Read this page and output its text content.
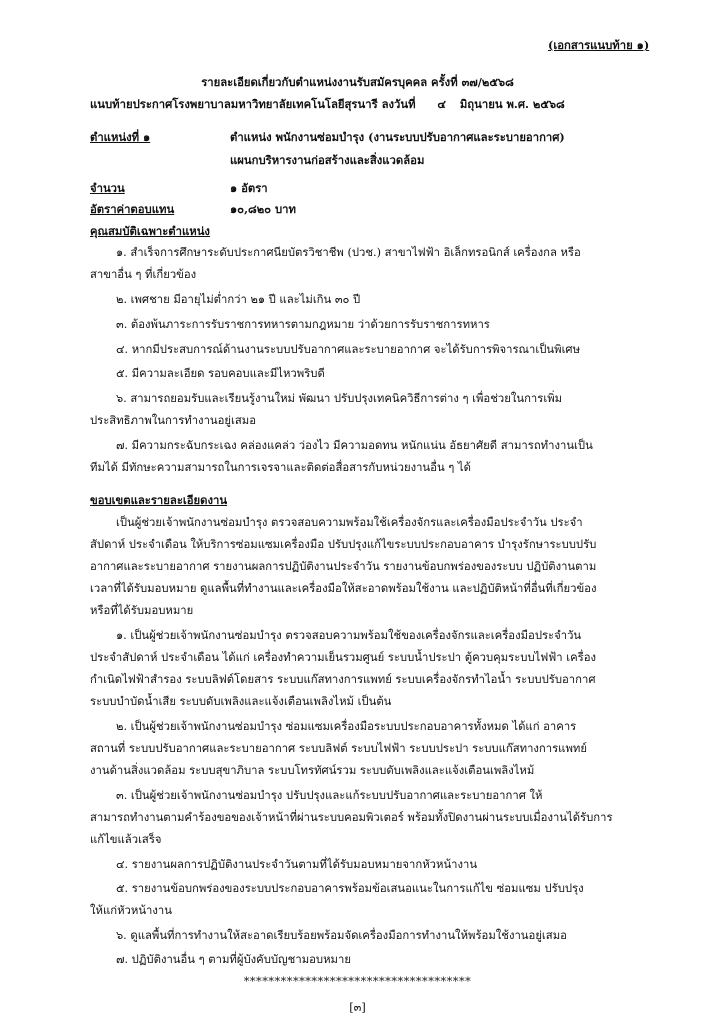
(เอกสารแนบท้าย ๑)
รายละเอียดเกี่ยวกับตำแหน่งงานรับสมัครบุคคล ครั้งที่ ๓๗/๒๕๖๘
แนบท้ายประกาศโรงพยาบาลมหาวิทยาลัยเทคโนโลยีสุรนารี ลงวันที่ ๔ มิถุนายน พ.ศ. ๒๕๖๘
ตำแหน่งที่ ๑	ตำแหน่ง พนักงานซ่อมบำรุง (งานระบบปรับอากาศและระบายอากาศ)
แผนกบริหารงานก่อสร้างและสิ่งแวดล้อม
จำนวน	๑ อัตรา
อัตราค่าตอบแทน	๑๐,๘๒๐ บาท
คุณสมบัติเฉพาะตำแหน่ง
๑. สำเร็จการศึกษาระดับประกาศนียบัตรวิชาชีพ (ปวช.) สาขาไฟฟ้า อิเล็กทรอนิกส์ เครื่องกล หรือ
สาขาอื่น ๆ ที่เกี่ยวข้อง
๒. เพศชาย มีอายุไม่ต่ำกว่า ๒๑ ปี และไม่เกิน ๓๐ ปี
๓. ต้องพ้นภาระการรับราชการทหารตามกฎหมาย ว่าด้วยการรับราชการทหาร
๔. หากมีประสบการณ์ด้านงานระบบปรับอากาศและระบายอากาศ จะได้รับการพิจารณาเป็นพิเศษ
๕. มีความละเอียด รอบคอบและมีไหวพริบดี
๖. สามารถยอมรับและเรียนรู้งานใหม่ พัฒนา ปรับปรุงเทคนิควิธีการต่าง ๆ เพื่อช่วยในการเพิ่ม
ประสิทธิภาพในการทำงานอยู่เสมอ
๗. มีความกระฉับกระเฉง คล่องแคล่ว ว่องไว มีความอดทน หนักแน่น อัธยาศัยดี สามารถทำงานเป็น
ทีมได้ มีทักษะความสามารถในการเจรจาและติดต่อสื่อสารกับหน่วยงานอื่น ๆ ได้
ขอบเขตและรายละเอียดงาน
เป็นผู้ช่วยเจ้าพนักงานซ่อมบำรุง ตรวจสอบความพร้อมใช้เครื่องจักรและเครื่องมือประจำวัน ประจำ
สัปดาห์ ประจำเดือน ให้บริการซ่อมแซมเครื่องมือ ปรับปรุงแก้ไขระบบประกอบอาคาร บำรุงรักษาระบบปรับ
อากาศและระบายอากาศ รายงานผลการปฏิบัติงานประจำวัน รายงานข้อบกพร่องของระบบ ปฏิบัติงานตาม
เวลาที่ได้รับมอบหมาย ดูแลพื้นที่ทำงานและเครื่องมือให้สะอาดพร้อมใช้งาน และปฏิบัติหน้าที่อื่นที่เกี่ยวข้อง
หรือที่ได้รับมอบหมาย
๑. เป็นผู้ช่วยเจ้าพนักงานซ่อมบำรุง ตรวจสอบความพร้อมใช้ของเครื่องจักรและเครื่องมือประจำวัน
ประจำสัปดาห์ ประจำเดือน ได้แก่ เครื่องทำความเย็นรวมศูนย์ ระบบน้ำประปา ตู้ควบคุมระบบไฟฟ้า เครื่อง
กำเนิดไฟฟ้าสำรอง ระบบลิฟต์โดยสาร ระบบแก๊สทางการแพทย์ ระบบเครื่องจักรทำไอน้ำ ระบบปรับอากาศ
ระบบบำบัดน้ำเสีย ระบบดับเพลิงและแจ้งเตือนเพลิงไหม้ เป็นต้น
๒. เป็นผู้ช่วยเจ้าพนักงานซ่อมบำรุง ซ่อมแซมเครื่องมือระบบประกอบอาคารทั้งหมด ได้แก่ อาคาร
สถานที่ ระบบปรับอากาศและระบายอากาศ ระบบลิฟต์ ระบบไฟฟ้า ระบบประปา ระบบแก๊สทางการแพทย์
งานด้านสิ่งแวดล้อม ระบบสุขาภิบาล ระบบโทรทัศน์รวม ระบบดับเพลิงและแจ้งเตือนเพลิงไหม้
๓. เป็นผู้ช่วยเจ้าพนักงานซ่อมบำรุง ปรับปรุงและแก้ระบบปรับอากาศและระบายอากาศ ให้
สามารถทำงานตามคำร้องขอของเจ้าหน้าที่ผ่านระบบคอมพิวเตอร์ พร้อมทั้งปิดงานผ่านระบบเมื่องานได้รับการ
แก้ไขแล้วเสร็จ
๔. รายงานผลการปฏิบัติงานประจำวันตามที่ได้รับมอบหมายจากหัวหน้างาน
๕. รายงานข้อบกพร่องของระบบประกอบอาคารพร้อมข้อเสนอแนะในการแก้ไข ซ่อมแซม ปรับปรุง
ให้แก่หัวหน้างาน
๖. ดูแลพื้นที่การทำงานให้สะอาดเรียบร้อยพร้อมจัดเครื่องมือการทำงานให้พร้อมใช้งานอยู่เสมอ
๗. ปฏิบัติงานอื่น ๆ ตามที่ผู้บังคับบัญชามอบหมาย
*************************************
[๓]
